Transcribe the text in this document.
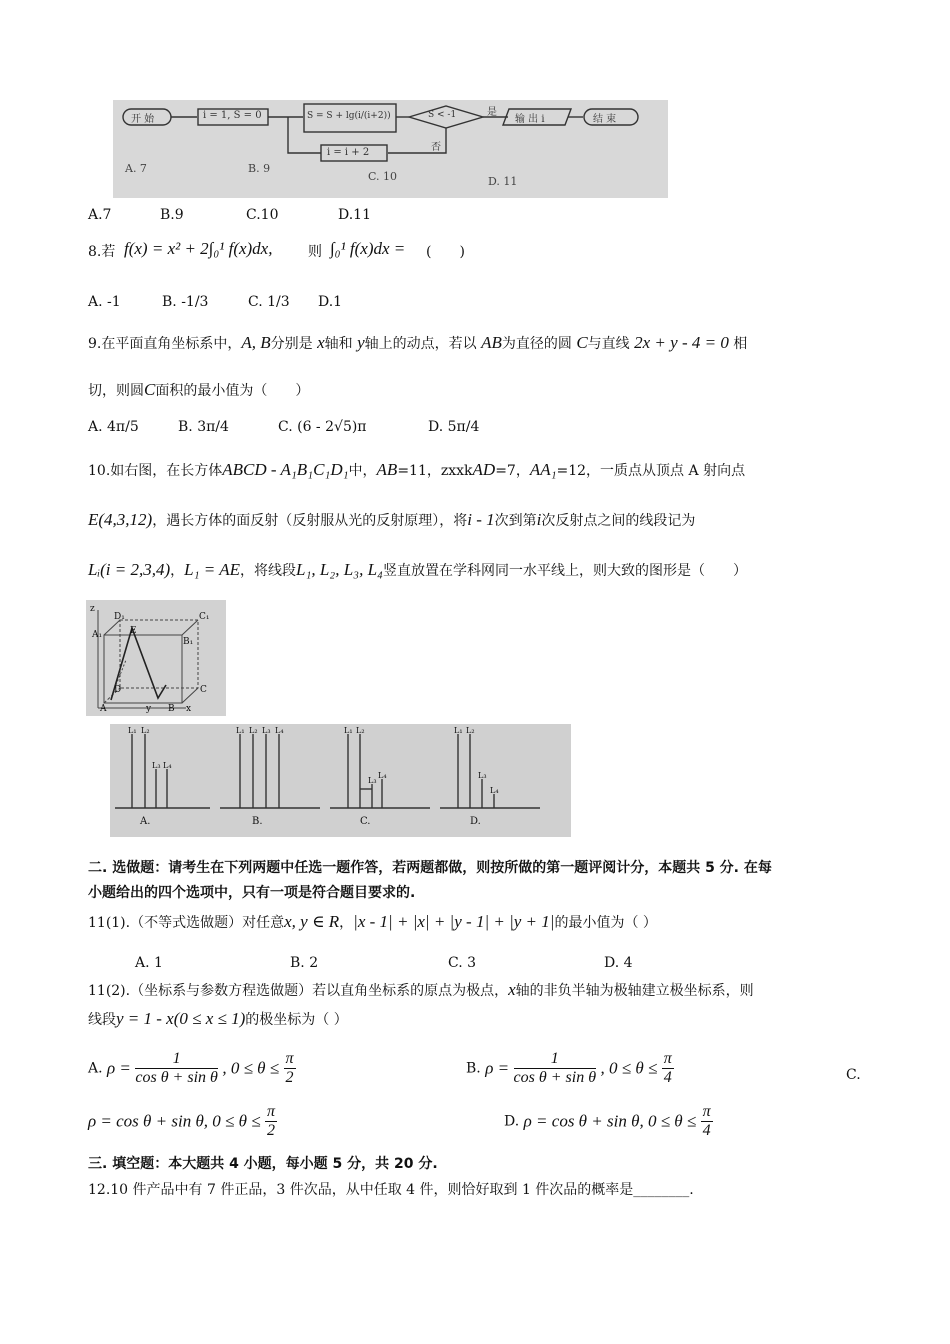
开 始	i = 1, S = 0	S = S + lg(i/(i+2))	S < -1	是
否
输 出 i	结 束
i = i + 2
A. 7	B. 9
C. 10	D. 11
A.7	B.9	C.10	D.11
8.若 f(x) = x² + 2∫₀¹ f(x)dx,	则 ∫₀¹ f(x)dx = (　　)
A. -1	B. -1/3	C. 1/3 D.1
9.在平面直角坐标系中，A, B分别是 x轴和 y轴上的动点，若以 AB为直径的圆 C与直线 2x + y - 4 = 0 相
切，则圆C面积的最小值为（　　）
A. 4π/5	B. 3π/4	C. (6 - 2√5)π	D. 5π/4
10.如右图，在长方体ABCD - A₁B₁C₁D₁中，AB=11，zxxkAD=7，AA₁=12，一质点从顶点 A 射向点
E(4,3,12)，遇长方体的面反射（反射服从光的反射原理），将i - 1次到第i次反射点之间的线段记为
Lᵢ(i = 2,3,4)，L₁ = AE，将线段L₁, L₂, L₃, L₄竖直放置在学科网同一水平线上，则大致的图形是（　　）
D₁	C₁
A₁
B₁
E
D	C
A	B x
y
z
L₁ L₂
L₃ L₄
L₁ L₂ L₃ L₄	L₁ L₂
L₃
L₄
L₁ L₂
L₃
L₄
A.	B.	C.	D.
二. 选做题：请考生在下列两题中任选一题作答，若两题都做，则按所做的第一题评阅计分，本题共 5 分. 在每
小题给出的四个选项中，只有一项是符合题目要求的.
11(1).（不等式选做题）对任意x, y ∈ R，|x - 1| + |x| + |y - 1| + |y + 1|的最小值为（ ）
A. 1	B. 2	C. 3	D. 4
11(2).（坐标系与参数方程选做题）若以直角坐标系的原点为极点，x轴的非负半轴为极轴建立极坐标系，则
线段y = 1 - x(0 ≤ x ≤ 1)的极坐标为（ ）
A. $\rho = \frac{1}{\text{cos θ + sin θ}}$ , $0 \le \theta \le \frac{\pi}{2}$	B. $\rho = \frac{1}{\text{cos θ + sin θ}}$ , $0 \le \theta \le \frac{\pi}{4}$	C.
ρ = cos θ + sin θ, $0 \le \theta \le \frac{\pi}{2}$	D. ρ = cos θ + sin θ, $0 \le \theta \le \frac{\pi}{4}$
三. 填空题：本大题共 4 小题，每小题 5 分，共 20 分.
12.10 件产品中有 7 件正品，3 件次品，从中任取 4 件，则恰好取到 1 件次品的概率是________.
